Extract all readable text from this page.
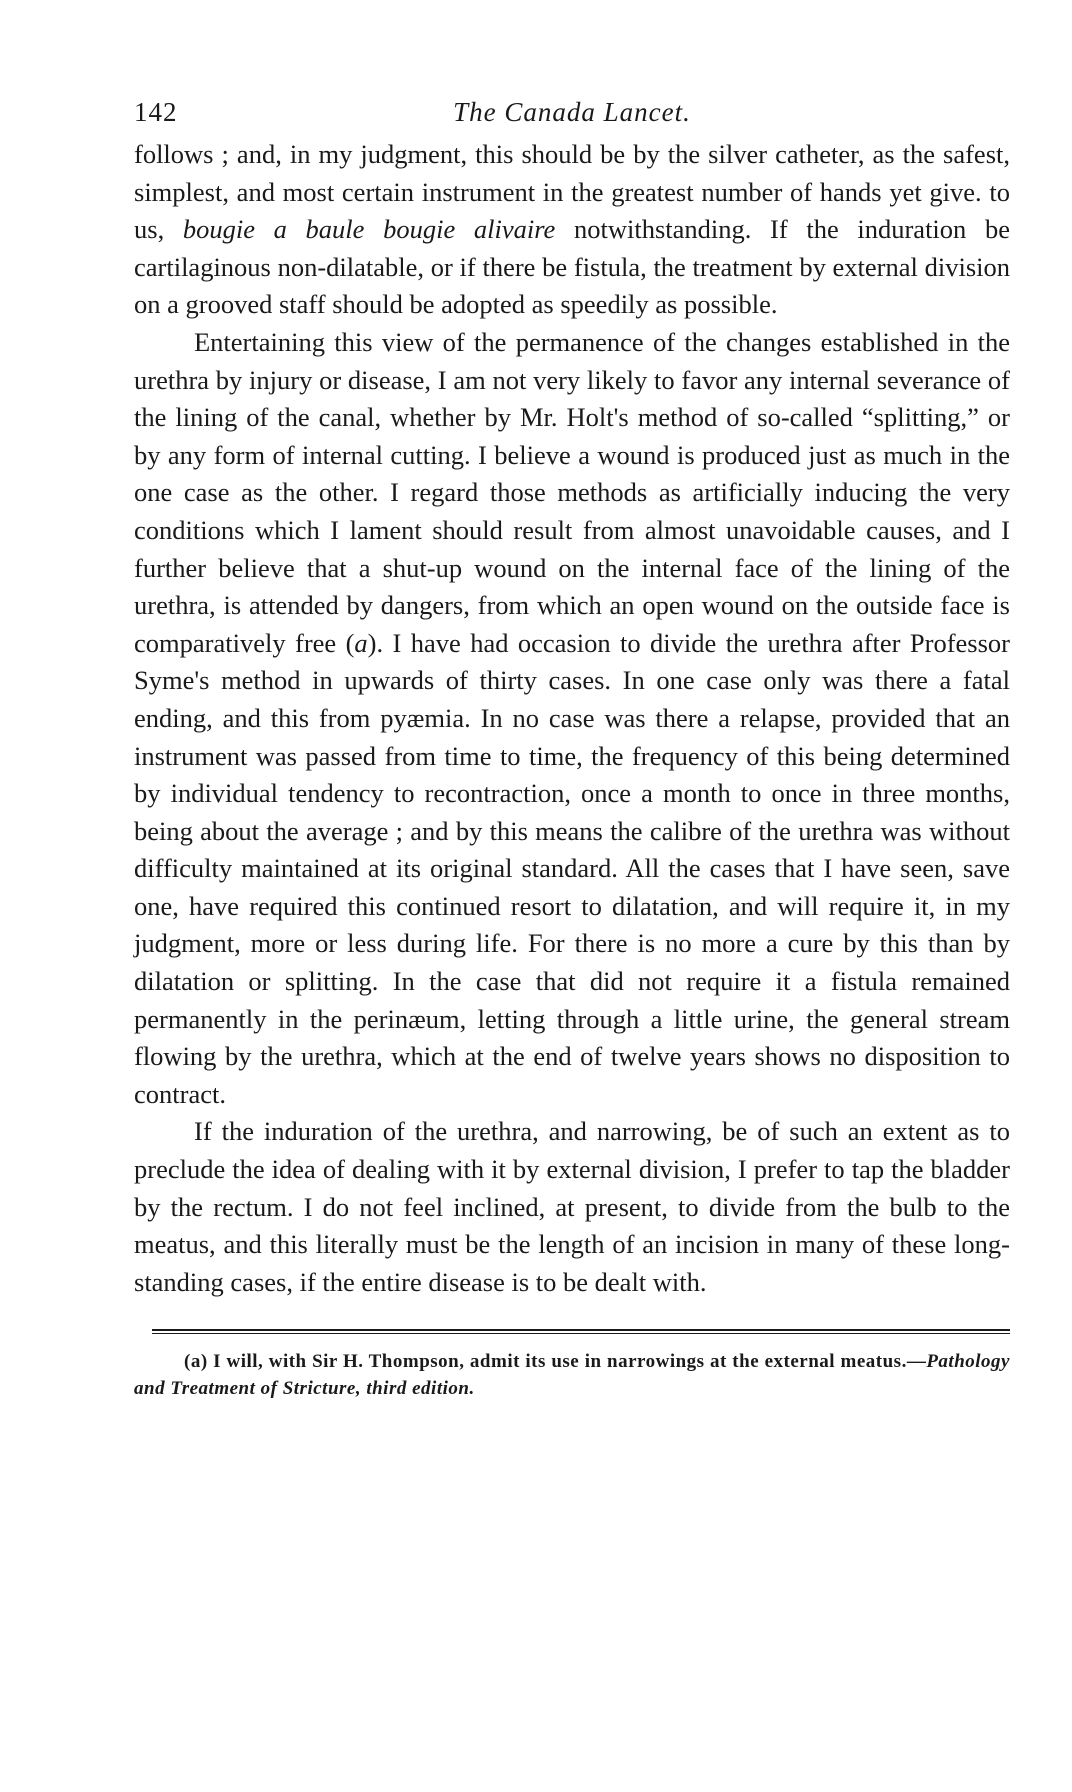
142	The Canada Lancet.

follows ; and, in my judgment, this should be by the silver catheter, as the safest, simplest, and most certain instrument in the greatest number of hands yet give. to us, bougie a baule bougie alivaire notwithstanding. If the induration be cartilaginous non-dilatable, or if there be fistula, the treatment by external division on a grooved staff should be adopted as speedily as possible.

Entertaining this view of the permanence of the changes established in the urethra by injury or disease, I am not very likely to favor any internal severance of the lining of the canal, whether by Mr. Holt's method of so-called “splitting,” or by any form of internal cutting. I believe a wound is produced just as much in the one case as the other. I regard those methods as artificially inducing the very conditions which I lament should result from almost unavoidable causes, and I further believe that a shut-up wound on the internal face of the lining of the urethra, is attended by dangers, from which an open wound on the outside face is comparatively free (a). I have had occasion to divide the urethra after Professor Syme's method in upwards of thirty cases. In one case only was there a fatal ending, and this from pyæmia. In no case was there a relapse, provided that an instrument was passed from time to time, the frequency of this being determined by individual tendency to recontraction, once a month to once in three months, being about the average ; and by this means the calibre of the urethra was without difficulty maintained at its original standard. All the cases that I have seen, save one, have required this continued resort to dilatation, and will require it, in my judgment, more or less during life. For there is no more a cure by this than by dilatation or splitting. In the case that did not require it a fistula remained permanently in the perinæum, letting through a little urine, the general stream flowing by the urethra, which at the end of twelve years shows no disposition to contract.

If the induration of the urethra, and narrowing, be of such an extent as to preclude the idea of dealing with it by external division, I prefer to tap the bladder by the rectum. I do not feel inclined, at present, to divide from the bulb to the meatus, and this literally must be the length of an incision in many of these long-standing cases, if the entire disease is to be dealt with.

(a) I will, with Sir H. Thompson, admit its use in narrowings at the external meatus.—Pathology and Treatment of Stricture, third edition.
